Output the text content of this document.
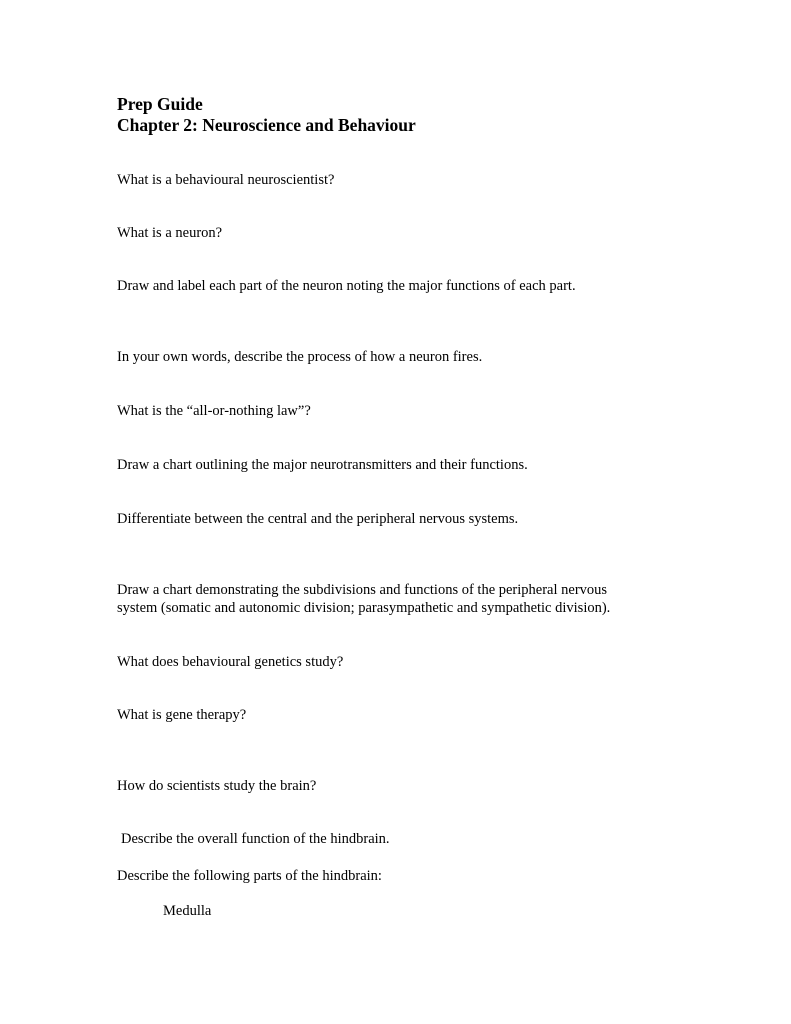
Prep Guide
Chapter 2: Neuroscience and Behaviour
What is a behavioural neuroscientist?
What is a neuron?
Draw and label each part of the neuron noting the major functions of each part.
In your own words, describe the process of how a neuron fires.
What is the “all-or-nothing law”?
Draw a chart outlining the major neurotransmitters and their functions.
Differentiate between the central and the peripheral nervous systems.
Draw a chart demonstrating the subdivisions and functions of the peripheral nervous
system (somatic and autonomic division; parasympathetic and sympathetic division).
What does behavioural genetics study?
What is gene therapy?
How do scientists study the brain?
Describe the overall function of the hindbrain.
Describe the following parts of the hindbrain:
Medulla
